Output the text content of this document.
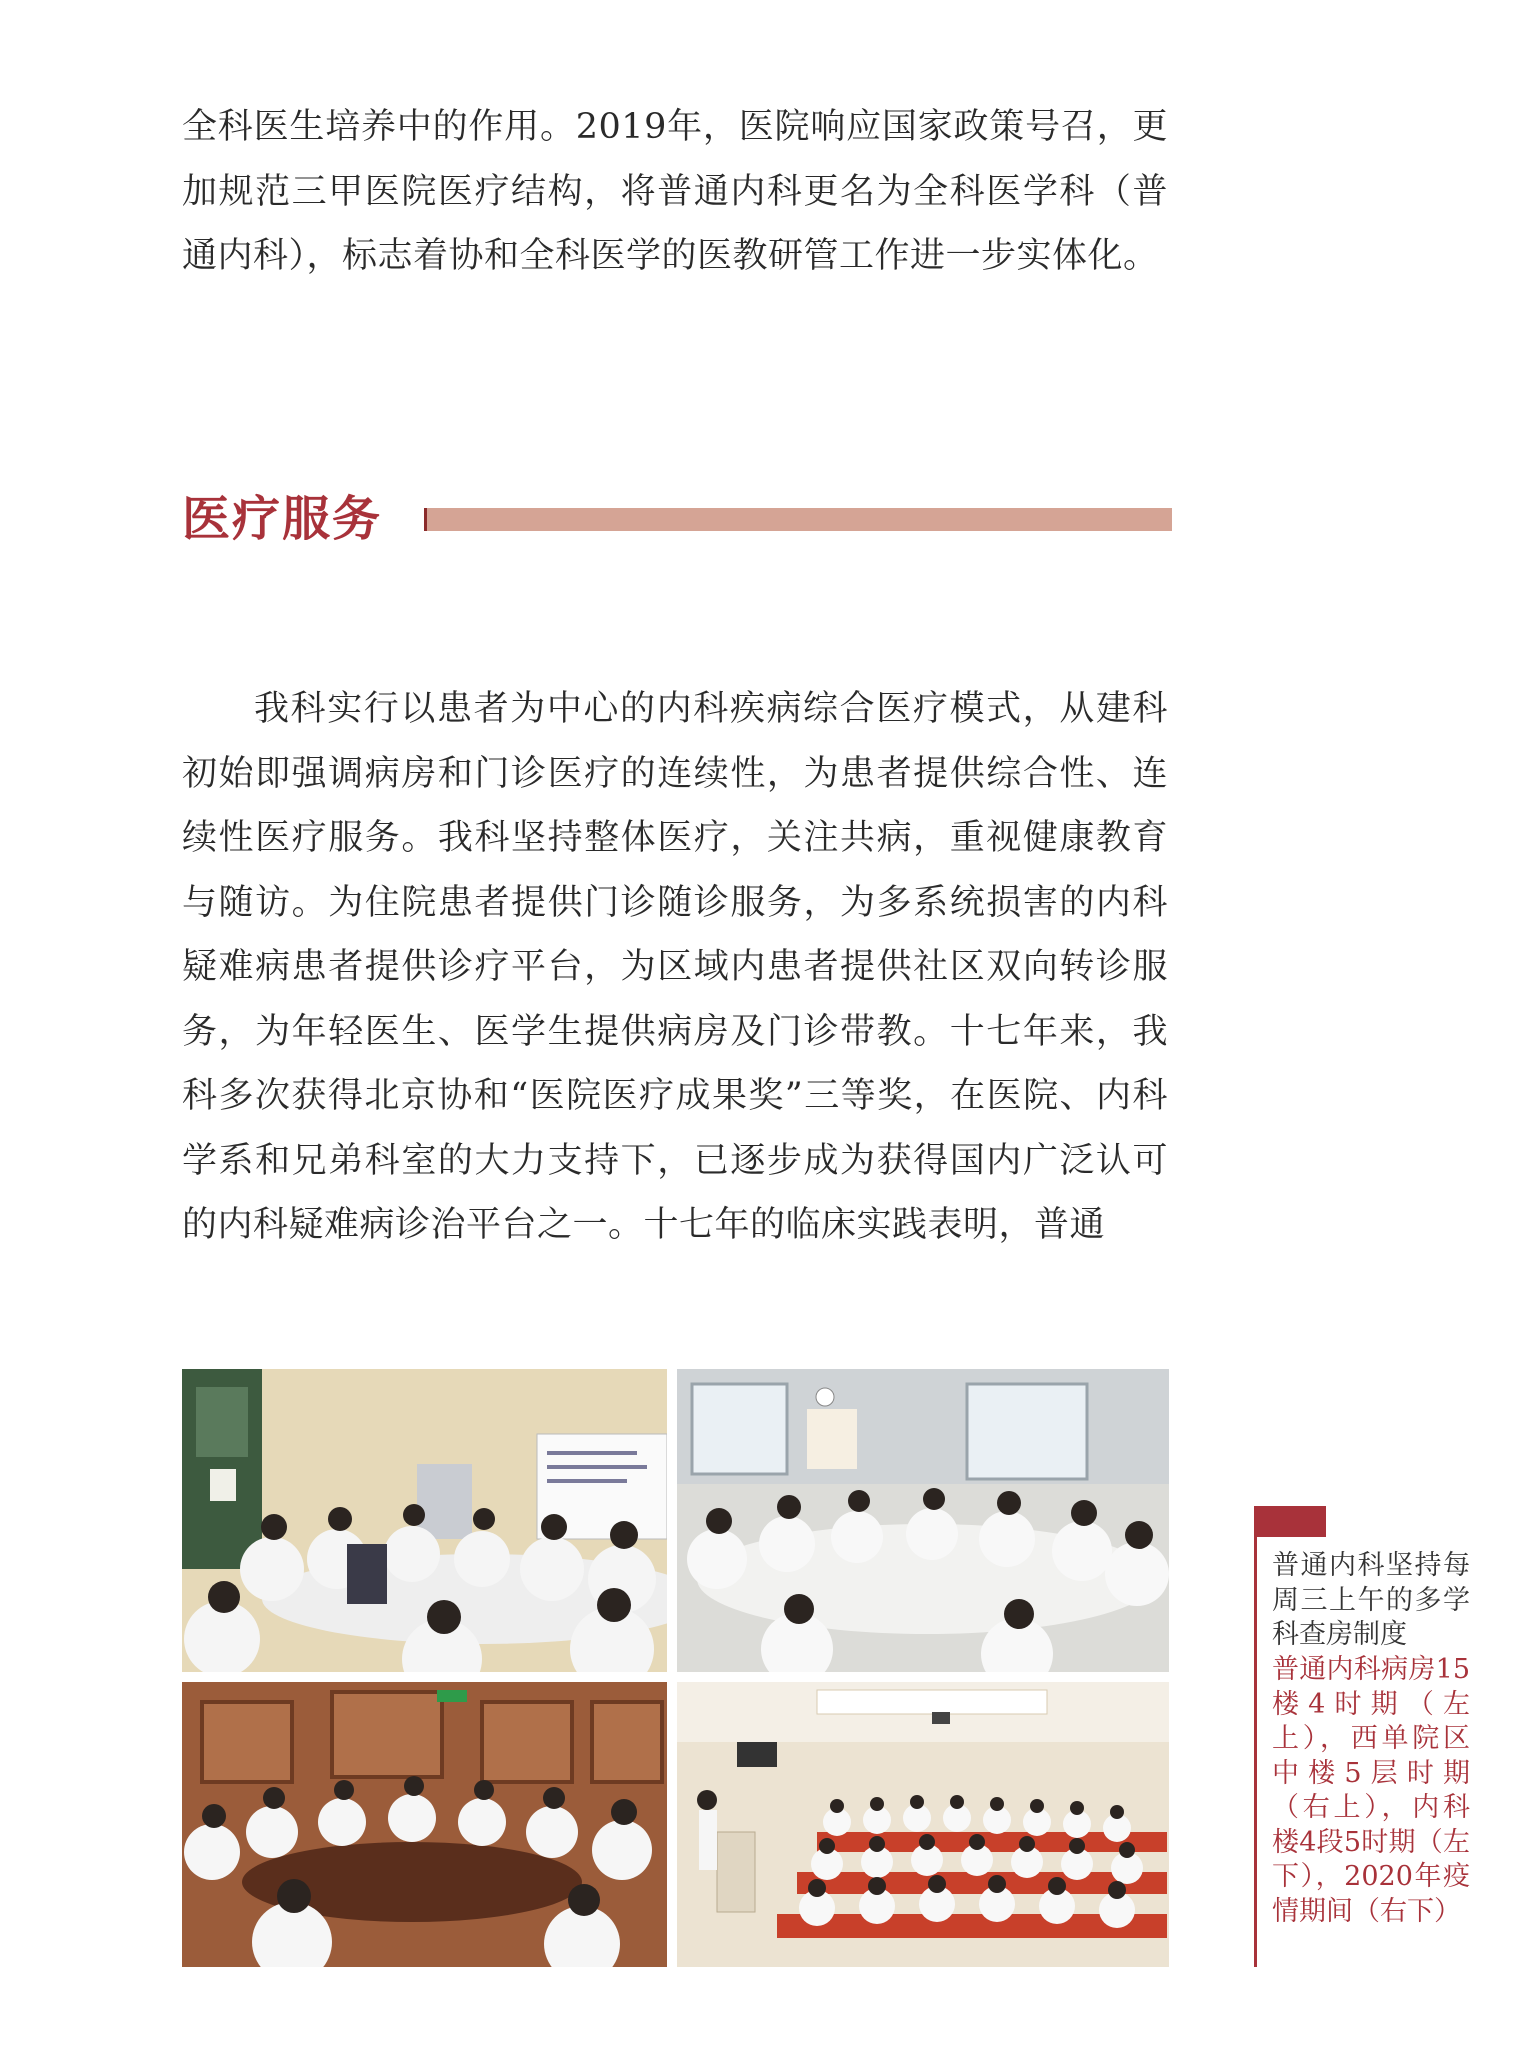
全科医生培养中的作用。2019年，医院响应国家政策号召，更加规范三甲医院医疗结构，将普通内科更名为全科医学科（普通内科），标志着协和全科医学的医教研管工作进一步实体化。

医疗服务

我科实行以患者为中心的内科疾病综合医疗模式，从建科初始即强调病房和门诊医疗的连续性，为患者提供综合性、连续性医疗服务。我科坚持整体医疗，关注共病，重视健康教育与随访。为住院患者提供门诊随诊服务，为多系统损害的内科疑难病患者提供诊疗平台，为区域内患者提供社区双向转诊服务，为年轻医生、医学生提供病房及门诊带教。十七年来，我科多次获得北京协和“医院医疗成果奖”三等奖，在医院、内科学系和兄弟科室的大力支持下，已逐步成为获得国内广泛认可的内科疑难病诊治平台之一。十七年的临床实践表明，普通

普通内科坚持每周三上午的多学科查房制度

普通内科病房15楼4时期（左上），西单院区中楼5层时期（右上），内科楼4段5时期（左下），2020年疫情期间（右下）
